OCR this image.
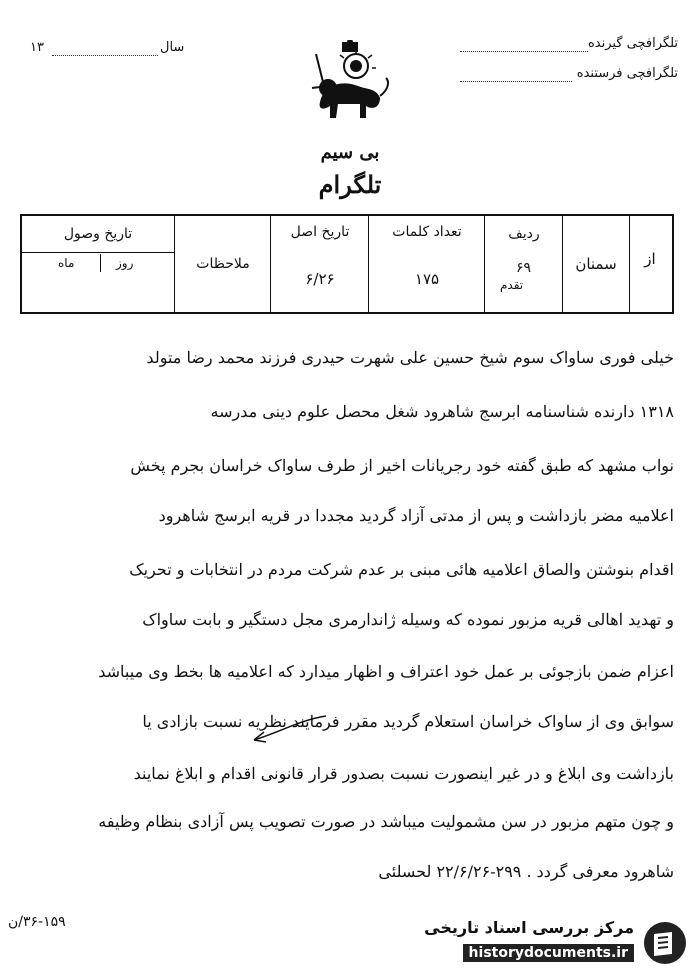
تلگرافچی گیرنده
تلگرافچی فرستنده
سال
۱۳
بی سیم
تلگرام
از
سمنان
ردیف
۶۹
تقدم
تعداد کلمات
۱۷۵
تاریخ اصل
۶/۲۶
ملاحظات
تاریخ وصول
روز
ماه
خیلی فوری ساواک سوم شیخ حسین علی شهرت حیدری فرزند محمد رضا متولد
۱۳۱۸ دارنده شناسنامه ابرسج شاهرود شغل محصل علوم دینی مدرسه
نواب مشهد که طبق گفته خود رجریانات اخیر از طرف ساواک خراسان بجرم پخش
اعلامیه مضر بازداشت و پس از مدتی آزاد گردید مجددا در قریه ابرسج شاهرود
اقدام بنوشتن والصاق اعلامیه هائی مبنی بر عدم شرکت مردم در انتخابات و تحریک
و تهدید اهالی قریه مزبور نموده که وسیله ژاندارمری مجل دستگیر و بابت ساواک
اعزام ضمن بازجوئی بر عمل خود اعتراف و اظهار میدارد که اعلامیه ها بخط وی میباشد
سوابق وی از ساواک خراسان استعلام گردید مقرر فرمایند نظریه نسبت بازادی یا
بازداشت وی ابلاغ و در غیر اینصورت نسبت بصدور قرار قانونی اقدام و ابلاغ نمایند
و چون متهم مزبور در سن مشمولیت میباشد در صورت تصویب پس آزادی بنظام وظیفه
شاهرود معرفی گردد . ۲۹۹-۲۲/۶/۲۶ لحسلئی
۳۶-۱۵۹/ن	مرکز بررسی اسناد تاریخی
historydocuments.ir
